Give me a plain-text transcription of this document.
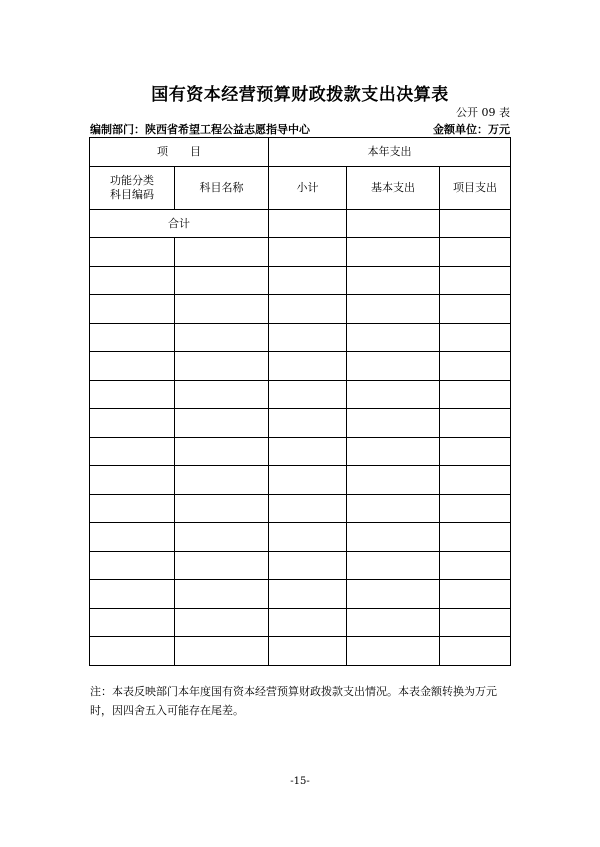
国有资本经营预算财政拨款支出决算表
公开 09 表
编制部门：陕西省希望工程公益志愿指导中心	金额单位：万元
项　　目		本年支出		
功能分类
科目编码	科目名称	小计	基本支出	项目支出
合计				

注：本表反映部门本年度国有资本经营预算财政拨款支出情况。本表金额转换为万元时，因四舍五入可能存在尾差。
-15-
